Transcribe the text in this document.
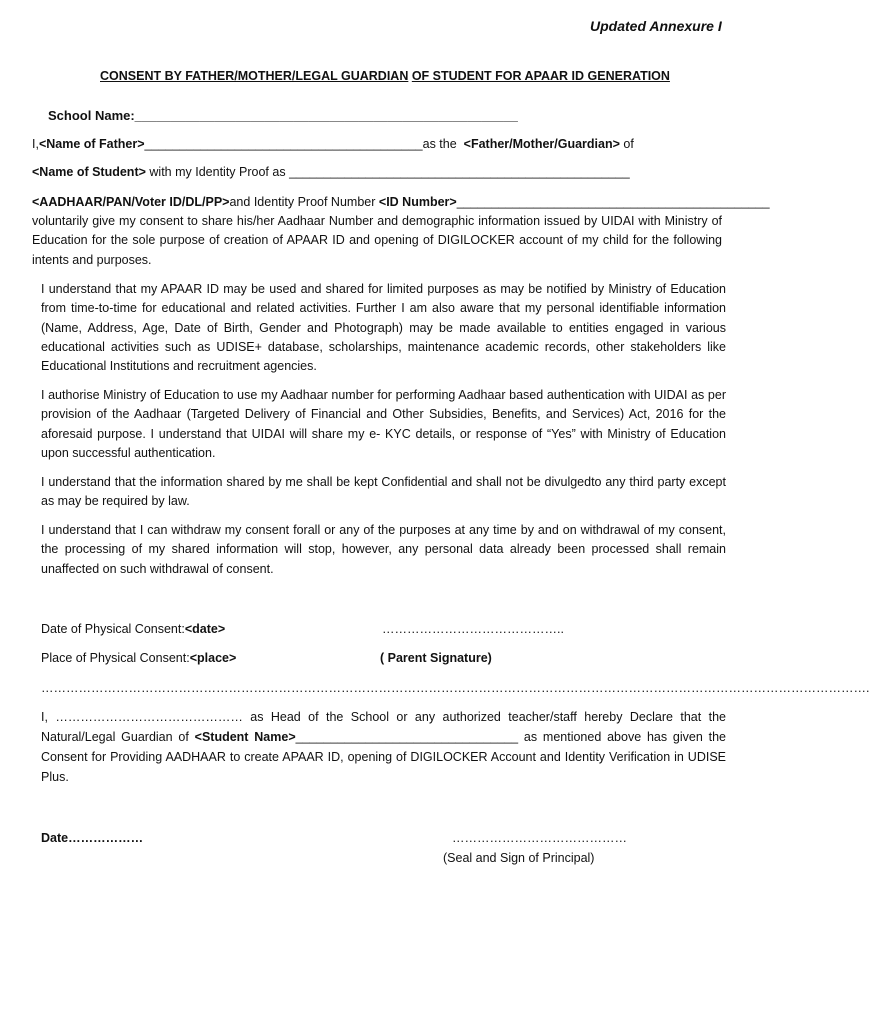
Updated Annexure I
CONSENT BY FATHER/MOTHER/LEGAL GUARDIAN OF STUDENT FOR APAAR ID GENERATION
School Name:_____________________________________________________
I,<Name of Father>________________________________________as the <Father/Mother/Guardian> of
<Name of Student> with my Identity Proof as _________________________________________________
<AADHAAR/PAN/Voter ID/DL/PP>and Identity Proof Number <ID Number>_____________________________________________

voluntarily give my consent to share his/her Aadhaar Number and demographic information issued by UIDAI with Ministry of Education for the sole purpose of creation of APAAR ID and opening of DIGILOCKER account of my child for the following intents and purposes.

I understand that my APAAR ID may be used and shared for limited purposes as may be notified by Ministry of Education from time-to-time for educational and related activities. Further I am also aware that my personal identifiable information (Name, Address, Age, Date of Birth, Gender and Photograph) may be made available to entities engaged in various educational activities such as UDISE+ database, scholarships, maintenance academic records, other stakeholders like Educational Institutions and recruitment agencies.

I authorise Ministry of Education to use my Aadhaar number for performing Aadhaar based authentication with UIDAI as per provision of the Aadhaar (Targeted Delivery of Financial and Other Subsidies, Benefits, and Services) Act, 2016 for the aforesaid purpose. I understand that UIDAI will share my e- KYC details, or response of “Yes” with Ministry of Education upon successful authentication.

I understand that the information shared by me shall be kept Confidential and shall not be divulgedto any third party except as may be required by law.

I understand that I can withdraw my consent forall or any of the purposes at any time by and on withdrawal of my consent, the processing of my shared information will stop, however, any personal data already been processed shall remain unaffected on such withdrawal of consent.

Date of Physical Consent:<date>	……………………………………..
Place of Physical Consent:<place>	( Parent Signature)
……………………………………………………………………………………………………………………………………………………………………………….

I, ……………………………………… as Head of the School or any authorized teacher/staff hereby Declare that the Natural/Legal Guardian of <Student Name>________________________________ as mentioned above has given the Consent for Providing AADHAAR to create APAAR ID, opening of DIGILOCKER Account and Identity Verification in UDISE Plus.

Date………………	……………………………………
(Seal and Sign of Principal)
